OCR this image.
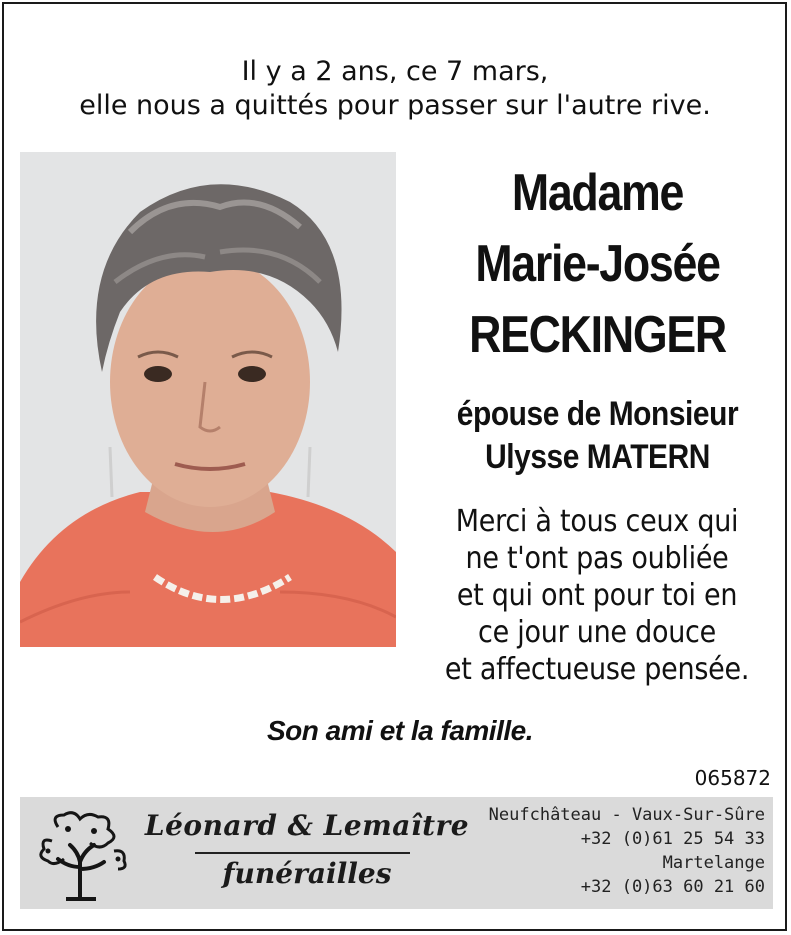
Il y a 2 ans, ce 7 mars,
elle nous a quittés pour passer sur l'autre rive.
Madame
Marie-Josée
RECKINGER
épouse de Monsieur
Ulysse MATERN
Merci à tous ceux qui
ne t'ont pas oubliée
et qui ont pour toi en
ce jour une douce
et affectueuse pensée.
Son ami et la famille.
065872
Léonard & Lemaître
funérailles
Neufchâteau - Vaux-Sur-Sûre
+32 (0)61 25 54 33
Martelange
+32 (0)63 60 21 60
